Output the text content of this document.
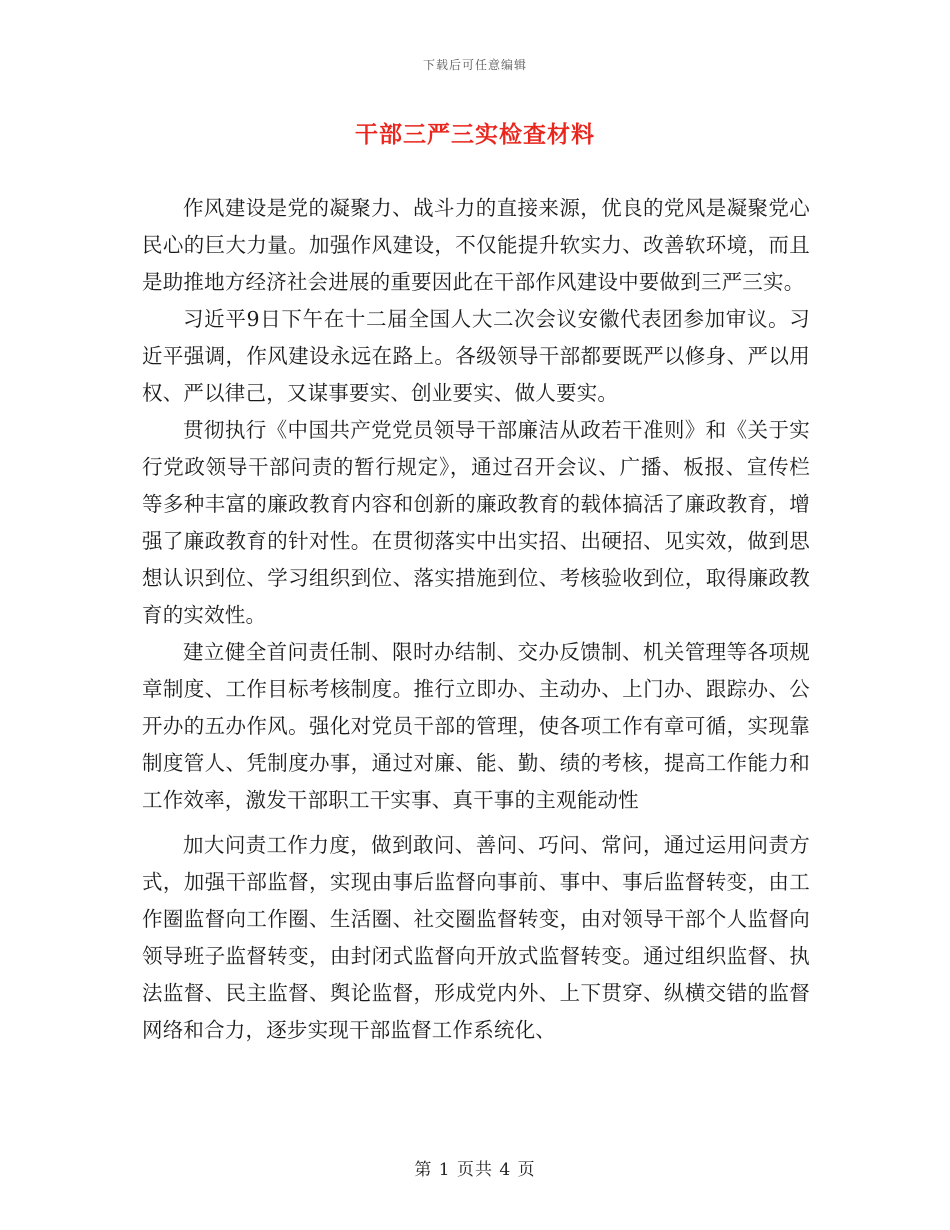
下载后可任意编辑
干部三严三实检查材料

作风建设是党的凝聚力、战斗力的直接来源，优良的党风是凝聚党心民心的巨大力量。加强作风建设，不仅能提升软实力、改善软环境，而且是助推地方经济社会进展的重要因此在干部作风建设中要做到三严三实。

习近平9日下午在十二届全国人大二次会议安徽代表团参加审议。习近平强调，作风建设永远在路上。各级领导干部都要既严以修身、严以用权、严以律己，又谋事要实、创业要实、做人要实。

贯彻执行《中国共产党党员领导干部廉洁从政若干准则》和《关于实行党政领导干部问责的暂行规定》，通过召开会议、广播、板报、宣传栏等多种丰富的廉政教育内容和创新的廉政教育的载体搞活了廉政教育，增强了廉政教育的针对性。在贯彻落实中出实招、出硬招、见实效，做到思想认识到位、学习组织到位、落实措施到位、考核验收到位，取得廉政教育的实效性。

建立健全首问责任制、限时办结制、交办反馈制、机关管理等各项规章制度、工作目标考核制度。推行立即办、主动办、上门办、跟踪办、公开办的五办作风。强化对党员干部的管理，使各项工作有章可循，实现靠制度管人、凭制度办事，通过对廉、能、勤、绩的考核，提高工作能力和工作效率，激发干部职工干实事、真干事的主观能动性

加大问责工作力度，做到敢问、善问、巧问、常问，通过运用问责方式，加强干部监督，实现由事后监督向事前、事中、事后监督转变，由工作圈监督向工作圈、生活圈、社交圈监督转变，由对领导干部个人监督向领导班子监督转变，由封闭式监督向开放式监督转变。通过组织监督、执法监督、民主监督、舆论监督，形成党内外、上下贯穿、纵横交错的监督网络和合力，逐步实现干部监督工作系统化、

第 1 页共 4 页
